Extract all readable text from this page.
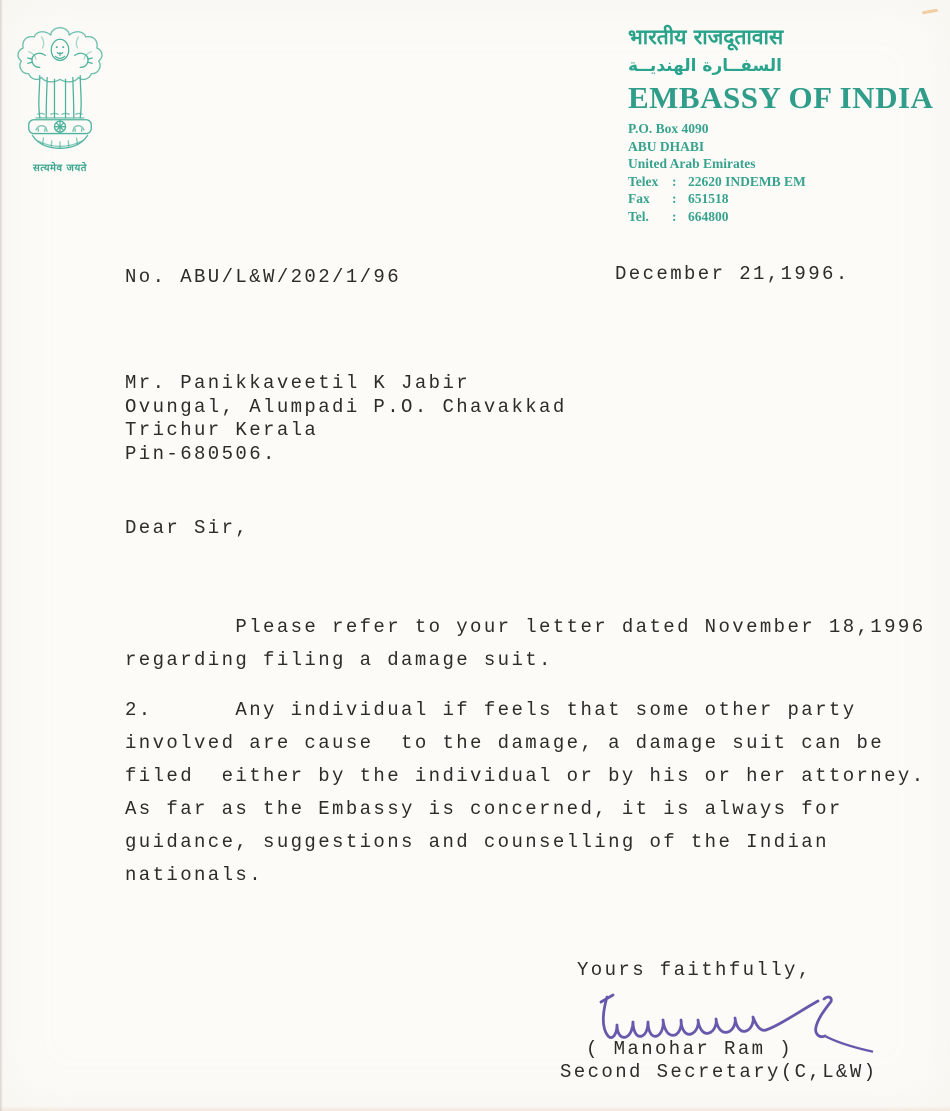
सत्यमेव जयते
भारतीय राजदूतावास
السفــارة الهنديــة
EMBASSY OF INDIA
P.O. Box 4090
ABU DHABI
United Arab Emirates
Telex	: 22620 INDEMB EM
Fax	: 651518
Tel.	: 664800
No. ABU/L&W/202/1/96	December 21,1996.
Mr. Panikkaveetil K Jabir
Ovungal, Alumpadi P.O. Chavakkad
Trichur Kerala
Pin-680506.
Dear Sir,
Please refer to your letter dated November 18,1996
regarding filing a damage suit.
2.      Any individual if feels that some other party
involved are cause  to the damage, a damage suit can be
filed  either by the individual or by his or her attorney.
As far as the Embassy is concerned, it is always for
guidance, suggestions and counselling of the Indian
nationals.
Yours faithfully,
( Manohar Ram )
Second Secretary(C,L&W)
